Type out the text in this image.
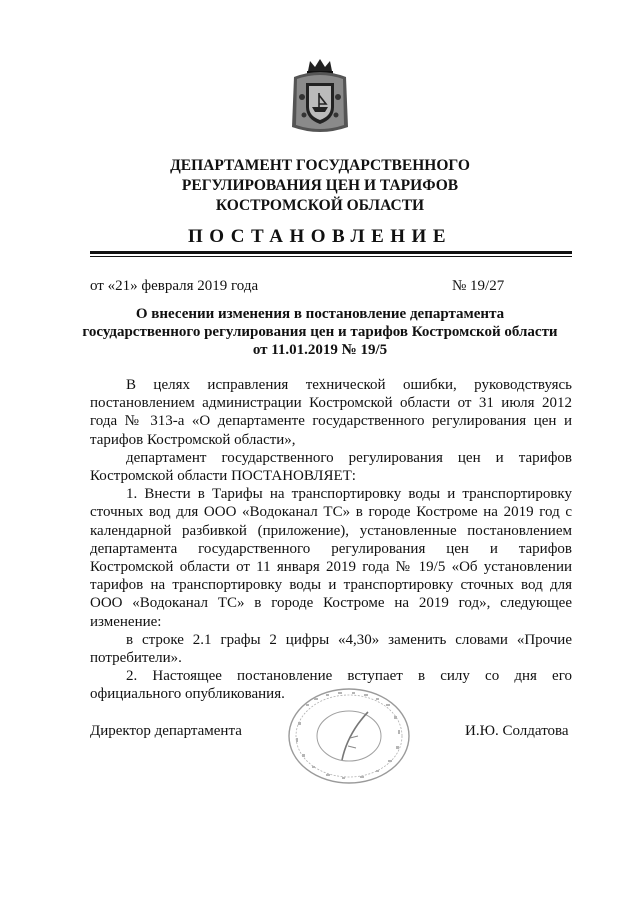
ДЕПАРТАМЕНТ ГОСУДАРСТВЕННОГО
РЕГУЛИРОВАНИЯ ЦЕН И ТАРИФОВ
КОСТРОМСКОЙ ОБЛАСТИ
ПОСТАНОВЛЕНИЕ
от «21» февраля 2019 года	№ 19/27
О внесении изменения в постановление департамента
государственного регулирования цен и тарифов Костромской области
от 11.01.2019 № 19/5

В целях исправления технической ошибки, руководствуясь постановлением администрации Костромской области от 31 июля 2012 года № 313-а «О департаменте государственного регулирования цен и тарифов Костромской области»,

департамент государственного регулирования цен и тарифов Костромской области ПОСТАНОВЛЯЕТ:

1. Внести в Тарифы на транспортировку воды и транспортировку сточных вод для ООО «Водоканал ТС» в городе Костроме на 2019 год с календарной разбивкой (приложение), установленные постановлением департамента государственного регулирования цен и тарифов Костромской области от 11 января 2019 года № 19/5 «Об установлении тарифов на транспортировку воды и транспортировку сточных вод для ООО «Водоканал ТС» в городе Костроме на 2019 год», следующее изменение:

в строке 2.1 графы 2 цифры «4,30» заменить словами «Прочие потребители».

2. Настоящее постановление вступает в силу со дня его официального опубликования.

Директор департамента	И.Ю. Солдатова
